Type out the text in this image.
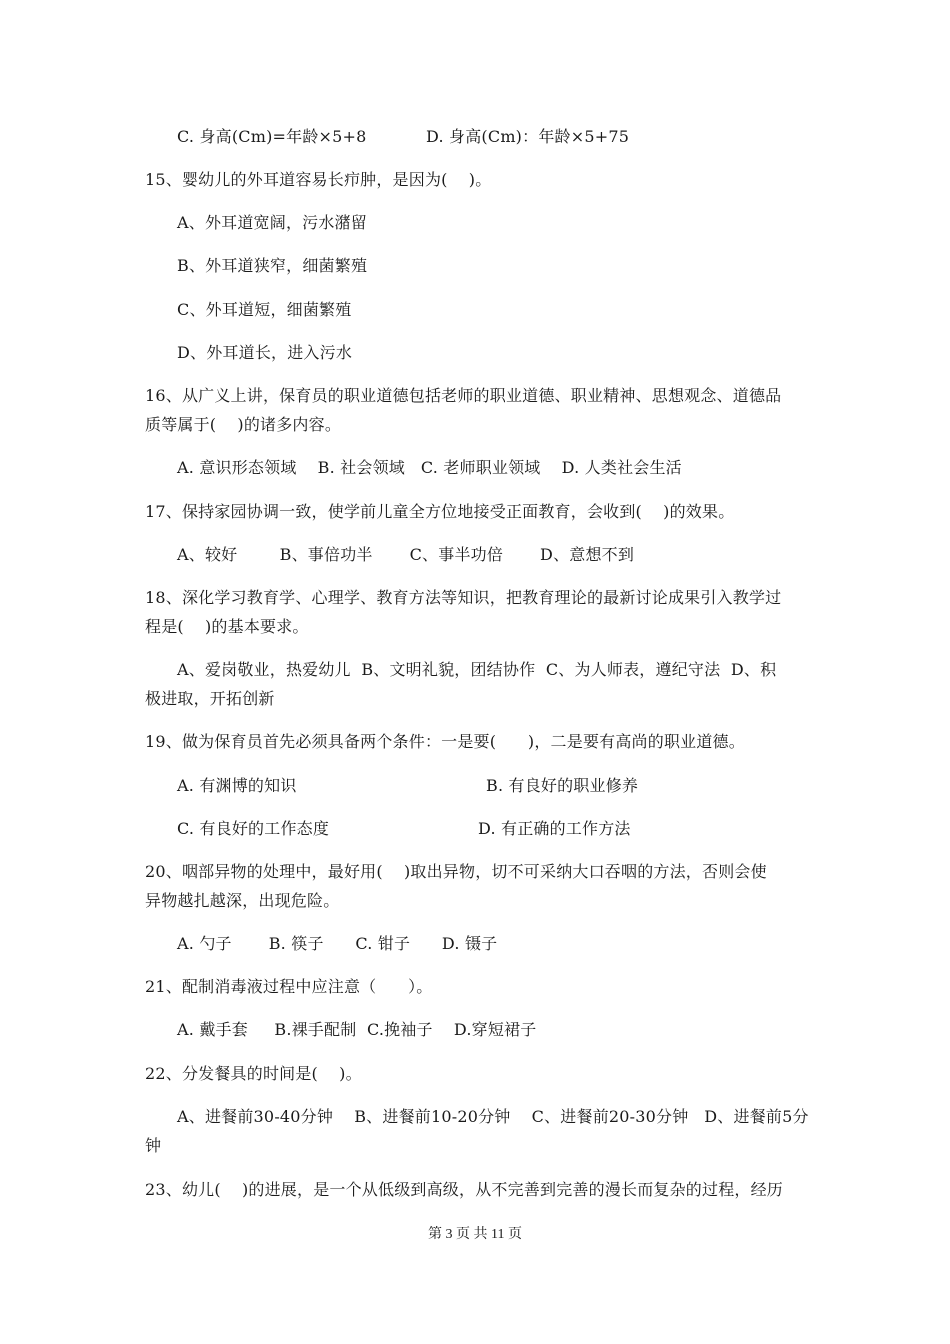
C. 身高(Cm)=年龄×5+8	D. 身高(Cm)：年龄×5+75
15、婴幼儿的外耳道容易长疖肿，是因为(    )。
A、外耳道宽阔，污水潴留
B、外耳道狭窄，细菌繁殖
C、外耳道短，细菌繁殖
D、外耳道长，进入污水
16、从广义上讲，保育员的职业道德包括老师的职业道德、职业精神、思想观念、道德品
质等属于(    )的诸多内容。
A. 意识形态领域    B. 社会领域   C. 老师职业领域    D. 人类社会生活
17、保持家园协调一致，使学前儿童全方位地接受正面教育，会收到(    )的效果。
A、较好        B、事倍功半       C、事半功倍       D、意想不到
18、深化学习教育学、心理学、教育方法等知识，把教育理论的最新讨论成果引入教学过
程是(    )的基本要求。
A、爱岗敬业，热爱幼儿  B、文明礼貌，团结协作  C、为人师表，遵纪守法  D、积
极进取，开拓创新
19、做为保育员首先必须具备两个条件：一是要(      )，二是要有高尚的职业道德。
A. 有渊博的知识	B. 有良好的职业修养
C. 有良好的工作态度	D. 有正确的工作方法
20、咽部异物的处理中，最好用(    )取出异物，切不可采纳大口吞咽的方法，否则会使
异物越扎越深，出现危险。
A. 勺子       B. 筷子      C. 钳子      D. 镊子
21、配制消毒液过程中应注意（      ）。
A. 戴手套     B.裸手配制  C.挽袖子    D.穿短裙子
22、分发餐具的时间是(    )。
A、进餐前30-40分钟    B、进餐前10-20分钟    C、进餐前20-30分钟   D、进餐前5分
钟
23、幼儿(    )的进展，是一个从低级到高级，从不完善到完善的漫长而复杂的过程，经历
第 3 页 共 11 页
